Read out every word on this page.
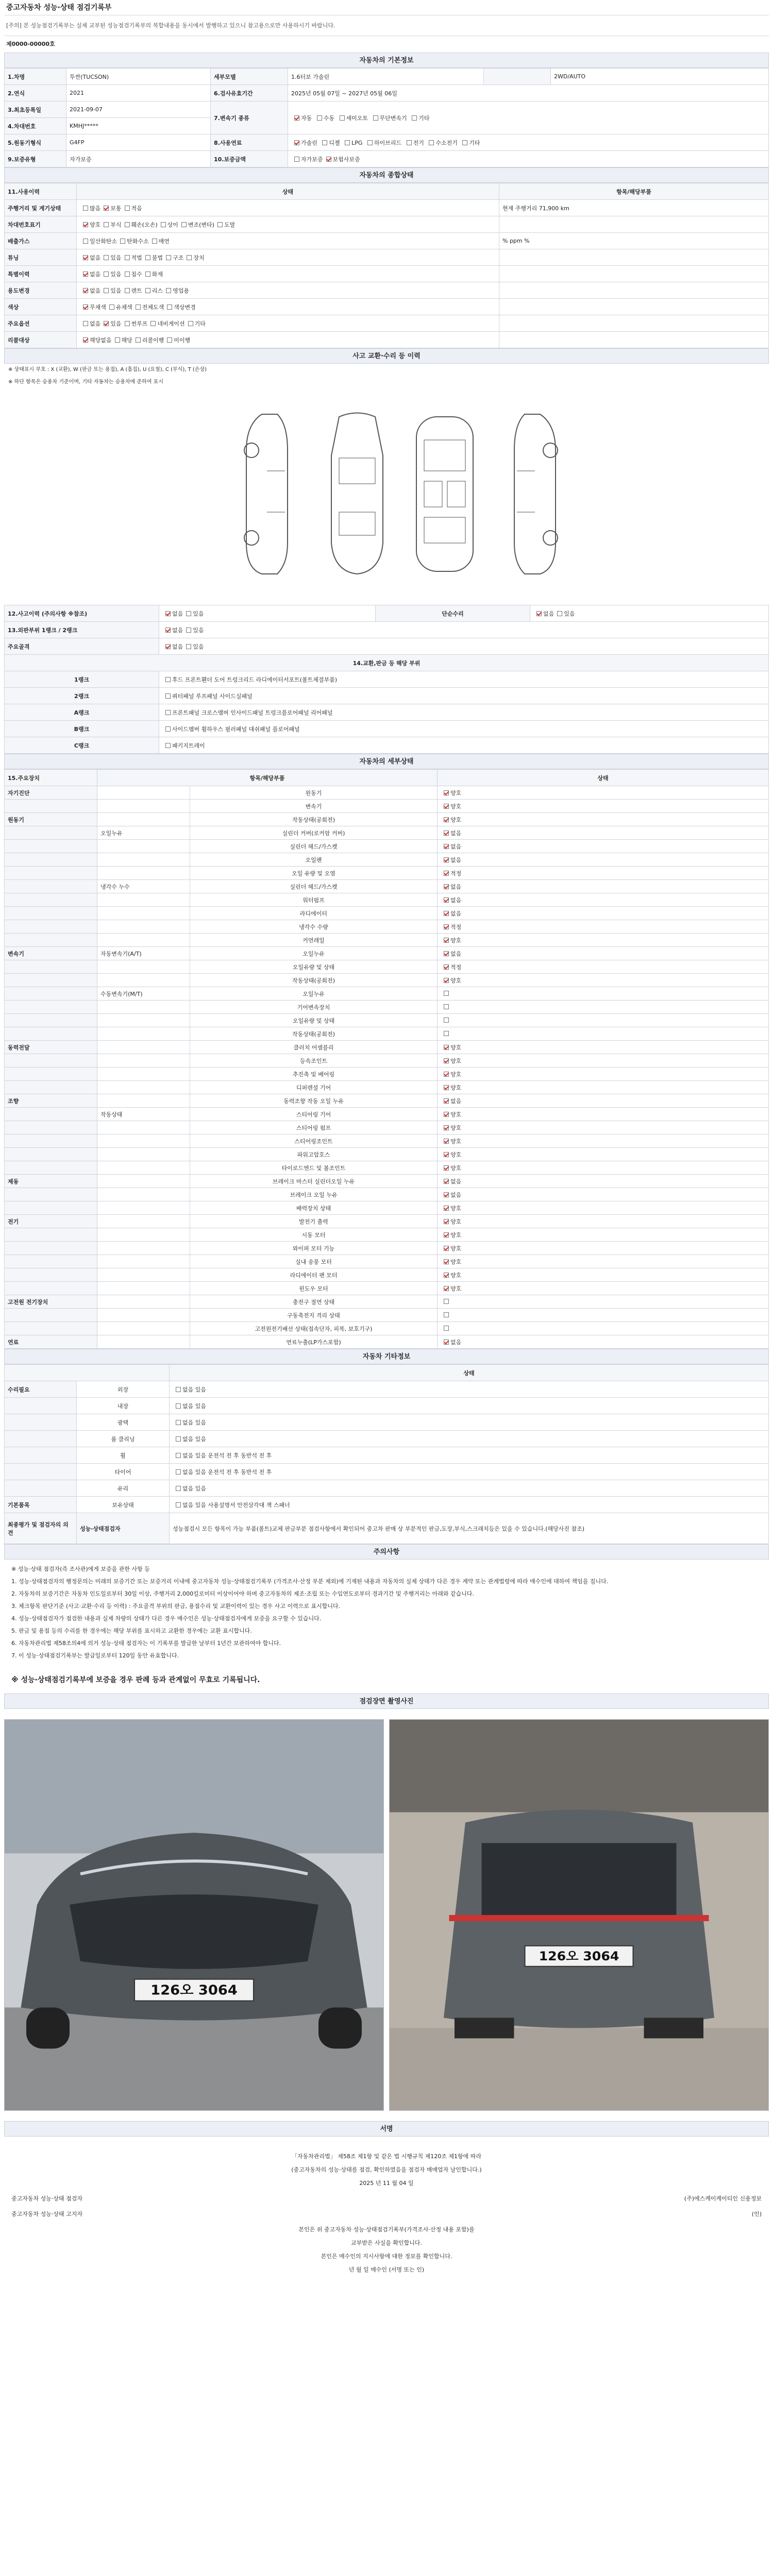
중고자동차 성능·상태 점검기록부
[주의] 본 성능점검기록부는 실제 교부된 성능점검기록부의 복합내용을 동시에서 발행하고 있으니 참고용으로만 사용하시기 바랍니다.
제0000-00000호
자동차의 기본정보
1.차명	투싼(TUCSON)	세부모델	1.6터보 가솔린		2WD/AUTO
2.연식	2021	6.검사유효기간	2025년 05월 07일 ~ 2027년 05월 06일		
3.최초등록일	2021-09-07	7.변속기 종류	자동 수동 세미오토 무단변속기 기타		
4.차대번호	KMHJ*****				
5.원동기형식	G4FP	8.사용연료	가솔린 디젤 LPG 하이브리드 전기 수소전기 기타		
9.보증유형	자가보증	10.보증금액	자가보증 보험사보증		
자동차의 종합상태
11.사용이력	상태	항목/해당부품
주행거리 및 계기상태	많음 보통 적음	현재 주행거리 71,900 km
차대번호표기	양호 부식 훼손(오손) 상이 변조(변타) 도말	
배출가스	일산화탄소 탄화수소 매연	% ppm %
튜닝	없음 있음 적법 불법 구조 장치	
특별이력	없음 있음 침수 화재	
용도변경	없음 있음 렌트 리스 영업용	
색상	무채색 유채색 전체도색 색상변경	
주요옵션	없음 있음 썬루프 네비게이션 기타	
리콜대상	해당없음 해당 리콜이행 미이행	
사고 교환·수리 등 이력
※ 상태표시 부호 : X (교환), W (판금 또는 용접), A (흠집), U (요철), C (부식), T (손상)
※ 하단 항목은 승용차 기준이며, 기타 자동차는 승용차에 준하여 표시
12.사고이력 (주의사항 ※참조)	없음 있음	단순수리	없음 있음
13.외판부위 1랭크 / 2랭크	없음 있음		
주요골격	없음 있음		
14.교환,판금 등 해당 부위			
1랭크	후드 프론트휀더 도어 트렁크리드 라디에이터서포트(볼트체결부품)		
2랭크	쿼터패널 루프패널 사이드실패널		
A랭크	프론트패널 크로스멤버 인사이드패널 트렁크플로어패널 리어패널		
B랭크	사이드멤버 휠하우스 필러패널 대쉬패널 플로어패널		
C랭크	패키지트레이		
자동차의 세부상태
15.주요장치	항목/해당부품		상태
자기진단		원동기	양호
		변속기	양호
원동기		작동상태(공회전)	양호
	오일누유	실린더 커버(로커암 커버)	없음
		실린더 헤드/가스켓	없음
		오일팬	없음
		오일 유량 및 오염	적정
	냉각수 누수	실린더 헤드/가스켓	없음
		워터펌프	없음
		라디에이터	없음
		냉각수 수량	적정
		커먼레일	양호
변속기	자동변속기(A/T)	오일누유	없음
		오일유량 및 상태	적정
		작동상태(공회전)	양호
	수동변속기(M/T)	오일누유	
		기어변속장치	
		오일유량 및 상태	
		작동상태(공회전)	
동력전달		클러치 어셈블리	양호
		등속조인트	양호
		추진축 및 베어링	양호
		디퍼렌셜 기어	양호
조향		동력조향 작동 오일 누유	없음
	작동상태	스티어링 기어	양호
		스티어링 펌프	양호
		스티어링조인트	양호
		파워고압호스	양호
		타이로드엔드 및 볼조인트	양호
제동		브레이크 마스터 실린더오일 누유	없음
		브레이크 오일 누유	없음
		배력장치 상태	양호
전기		발전기 출력	양호
		시동 모터	양호
		와이퍼 모터 기능	양호
		실내 송풍 모터	양호
		라디에이터 팬 모터	양호
		윈도우 모터	양호
고전원 전기장치		충전구 절연 상태	
		구동축전지 격리 상태	
		고전원전기배선 상태(접속단자, 피복, 보호기구)	
연료		연료누출(LP가스포함)	없음
자동차 기타정보
		상태
수리필요	외장	없음 있음
	내장	없음 있음
	광택	없음 있음
	룸 클리닝	없음 있음
	휠	없음 있음 운전석 전 후 동반석 전 후
	타이어	없음 있음 운전석 전 후 동반석 전 후
	유리	없음 있음
기본품목	보유상태	없음 있음 사용설명서 안전삼각대 잭 스패너
최종평가 및 점검자의 의견	성능·상태점검자	성능점검시 모든 항목이 가능 부품(볼트)교체 판금부분 점검사항에서 확인되어 중고차 판매 상 부분적인 판금,도장,부식,스크래치등은 있을 수 있습니다.(해당사진 참조)
주의사항

※ 성능·상태 점검자(즉 조사관)에게 보증을 관한 사항 등

1. 성능·상태점검자의 행정문의는 미래의 보증기간 또는 보증거리 이내에 중고자동차 성능·상태점검기록부 (가격조사·산정 부분 제외)에 기재된 내용과 자동차의 실제 상태가 다른 경우 계약 또는 관계법령에 따라 매수인에 대하여 책임을 집니다.

2. 자동차의 보증기간은 자동차 인도일로부터 30일 이상, 주행거리 2,000킬로미터 이상이어야 하며 중고자동차의 제조·조립 또는 수입연도로부터 경과기간 및 주행거리는 아래와 같습니다.

3. 체크항목 판단기준 (사고·교환·수리 등 이력) : 주요골격 부위의 판금, 용접수리 및 교환이력이 있는 경우 사고 이력으로 표시합니다.

4. 성능·상태점검자가 점검한 내용과 실제 차량의 상태가 다른 경우 매수인은 성능·상태점검자에게 보증을 요구할 수 있습니다.

5. 판금 및 용접 등의 수리를 한 경우에는 해당 부위를 표시하고 교환한 경우에는 교환 표시합니다.

6. 자동차관리법 제58조의4에 의거 성능·상태 점검자는 이 기록부를 발급한 날부터 1년간 보관하여야 합니다.

7. 이 성능·상태점검기록부는 발급일로부터 120일 동안 유효합니다.

※ 성능·상태점검기록부에 보증을 경우 판례 등과 관계없이 무효로 기록됩니다.

점검장면 촬영사진
126오 3064
126오 3064
서명

「자동차관리법」 제58조 제1항 및 같은 법 시행규칙 제120조 제1항에 따라

(중고자동차의 성능·상태를 점검, 확인하였음을 점검자 매매업자 날인합니다.)

2025 년 11 월 04 일

중고자동차 성능·상태 점검자	(주)에스케이케이티인 신용정보
중고자동차 성능·상태 고지자	(인)

본인은 위 중고자동차 성능·상태점검기록부(가격조사·산정 내용 포함)를

교부받은 사실을 확인합니다.

본인은 매수인의 지시사항에 대한 정보를 확인합니다.

년 월 일 매수인 (서명 또는 인)
